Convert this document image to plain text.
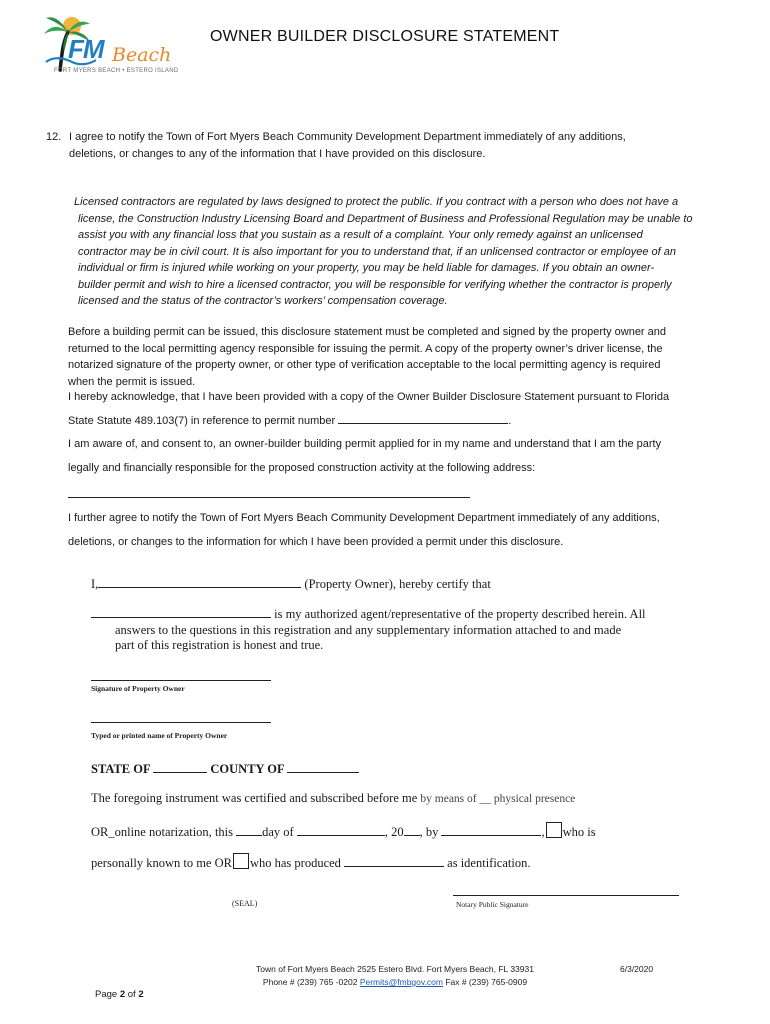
FM Beach
FORT MYERS BEACH • ESTERO ISLAND
OWNER BUILDER DISCLOSURE STATEMENT
12. I agree to notify the Town of Fort Myers Beach Community Development Department immediately of any additions,
deletions, or changes to any of the information that I have provided on this disclosure.
Licensed contractors are regulated by laws designed to protect the public. If you contract with a person who does not have a
license, the Construction Industry Licensing Board and Department of Business and Professional Regulation may be unable to
assist you with any financial loss that you sustain as a result of a complaint. Your only remedy against an unlicensed
contractor may be in civil court. It is also important for you to understand that, if an unlicensed contractor or employee of an
individual or firm is injured while working on your property, you may be held liable for damages. If you obtain an owner-
builder permit and wish to hire a licensed contractor, you will be responsible for verifying whether the contractor is properly
licensed and the status of the contractor’s workers’ compensation coverage.
Before a building permit can be issued, this disclosure statement must be completed and signed by the property owner and
returned to the local permitting agency responsible for issuing the permit. A copy of the property owner’s driver license, the
notarized signature of the property owner, or other type of verification acceptable to the local permitting agency is required
when the permit is issued.
I hereby acknowledge, that I have been provided with a copy of the Owner Builder Disclosure Statement pursuant to Florida
State Statute 489.103(7) in reference to permit number	.
I am aware of, and consent to, an owner-builder building permit applied for in my name and understand that I am the party
legally and financially responsible for the proposed construction activity at the following address:
I further agree to notify the Town of Fort Myers Beach Community Development Department immediately of any additions,
deletions, or changes to the information for which I have been provided a permit under this disclosure.
I,	(Property Owner), hereby certify that
is my authorized agent/representative of the property described herein. All
answers to the questions in this registration and any supplementary information attached to and made
part of this registration is honest and true.
Signature of Property Owner
Typed or printed name of Property Owner
STATE OF	COUNTY OF
The foregoing instrument was certified and subscribed before me by means of __ physical presence
OR_online notarization, this day of	, 20 , by	, who is
personally known to me OR who has produced	as identification.
(SEAL)	Notary Public Signature
Town of Fort Myers Beach 2525 Estero Blvd. Fort Myers Beach, FL 33931
Phone # (239) 765 -0202 Permits@fmbgov.com Fax # (239) 765-0909
6/3/2020
Page 2 of 2
